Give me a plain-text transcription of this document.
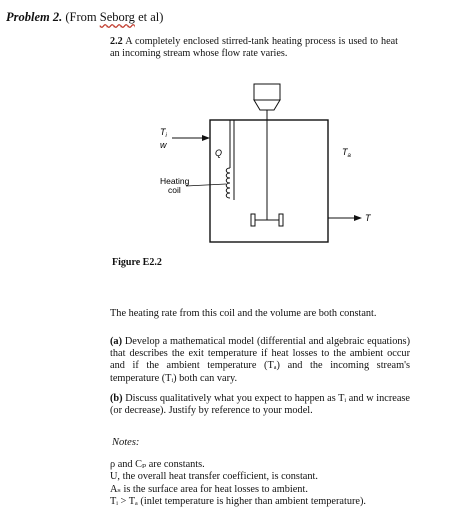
Problem 2. (From Seborg et al)
2.2 A completely enclosed stirred-tank heating process is used to heat an incoming stream whose flow rate varies.
$T_i$
w
Q	$T_a$
Heating
coil
T
Figure E2.2
The heating rate from this coil and the volume are both constant.
(a) Develop a mathematical model (differential and algebraic equations) that describes the exit temperature if heat losses to the ambient occur and if the ambient temperature (Tₐ) and the incoming stream's temperature (Tᵢ) both can vary.
(b) Discuss qualitatively what you expect to happen as Tᵢ and w increase (or decrease). Justify by reference to your model.
Notes:
ρ and Cₚ are constants.
U, the overall heat transfer coefficient, is constant.
Aₛ is the surface area for heat losses to ambient.
Tᵢ > Tₐ (inlet temperature is higher than ambient temperature).
